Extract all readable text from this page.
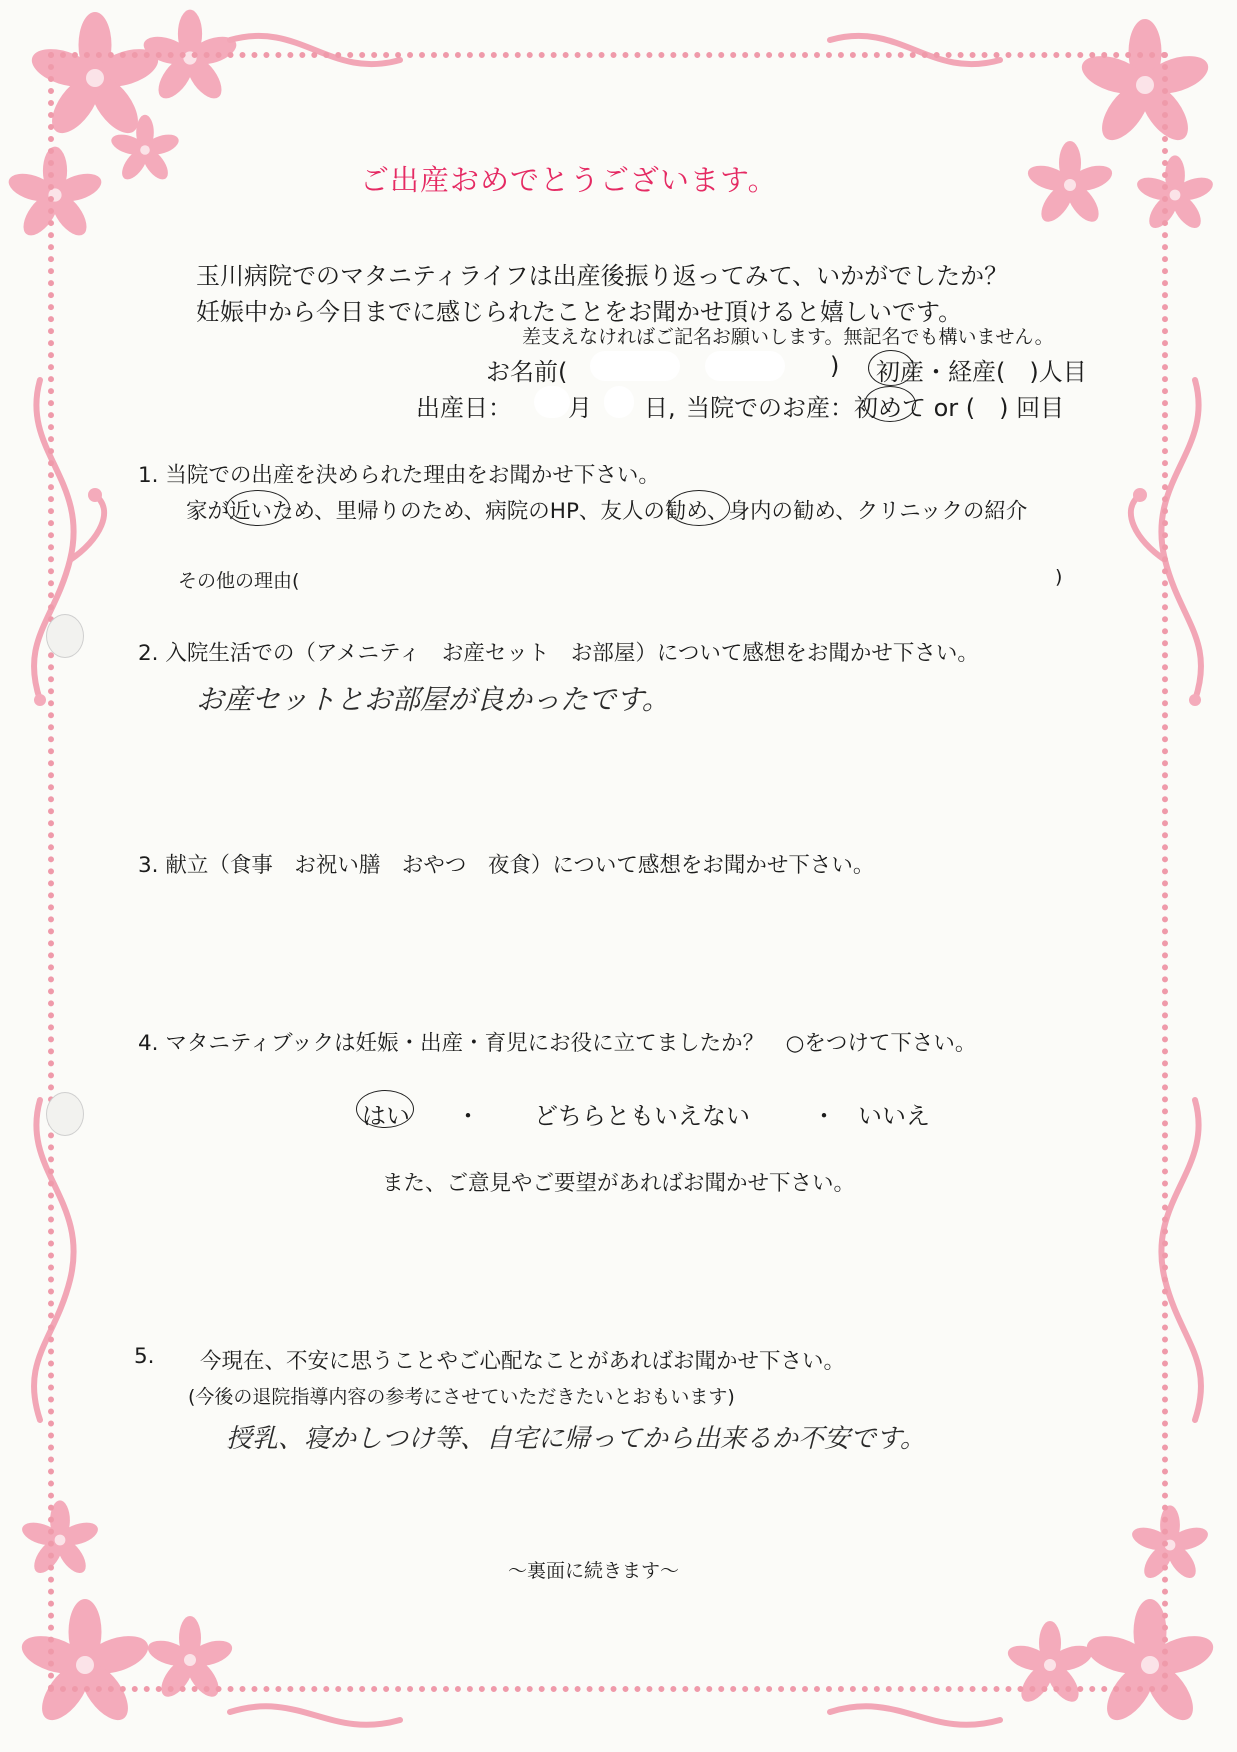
ご出産おめでとうございます。
玉川病院でのマタニティライフは出産後振り返ってみて、いかがでしたか？
妊娠中から今日までに感じられたことをお聞かせ頂けると嬉しいです。
差支えなければご記名お願いします。無記名でも構いません。
お名前(	) 初産・経産(　)人目
出産日： 月 日, 当院でのお産：初めて or (　) 回目
1. 当院での出産を決められた理由をお聞かせ下さい。
家が近いため、里帰りのため、病院のHP、友人の勧め、身内の勧め、クリニックの紹介
その他の理由(	)
2. 入院生活での（アメニティ　お産セット　お部屋）について感想をお聞かせ下さい。
お産セットとお部屋が良かったです。
3. 献立（食事　お祝い膳　おやつ　夜食）について感想をお聞かせ下さい。
4. マタニティブックは妊娠・出産・育児にお役に立てましたか？　○をつけて下さい。
はい ・ どちらともいえない	・ いいえ
また、ご意見やご要望があればお聞かせ下さい。
5. 今現在、不安に思うことやご心配なことがあればお聞かせ下さい。
(今後の退院指導内容の参考にさせていただきたいとおもいます)
授乳、寝かしつけ等、自宅に帰ってから出来るか不安です。
～裏面に続きます～
